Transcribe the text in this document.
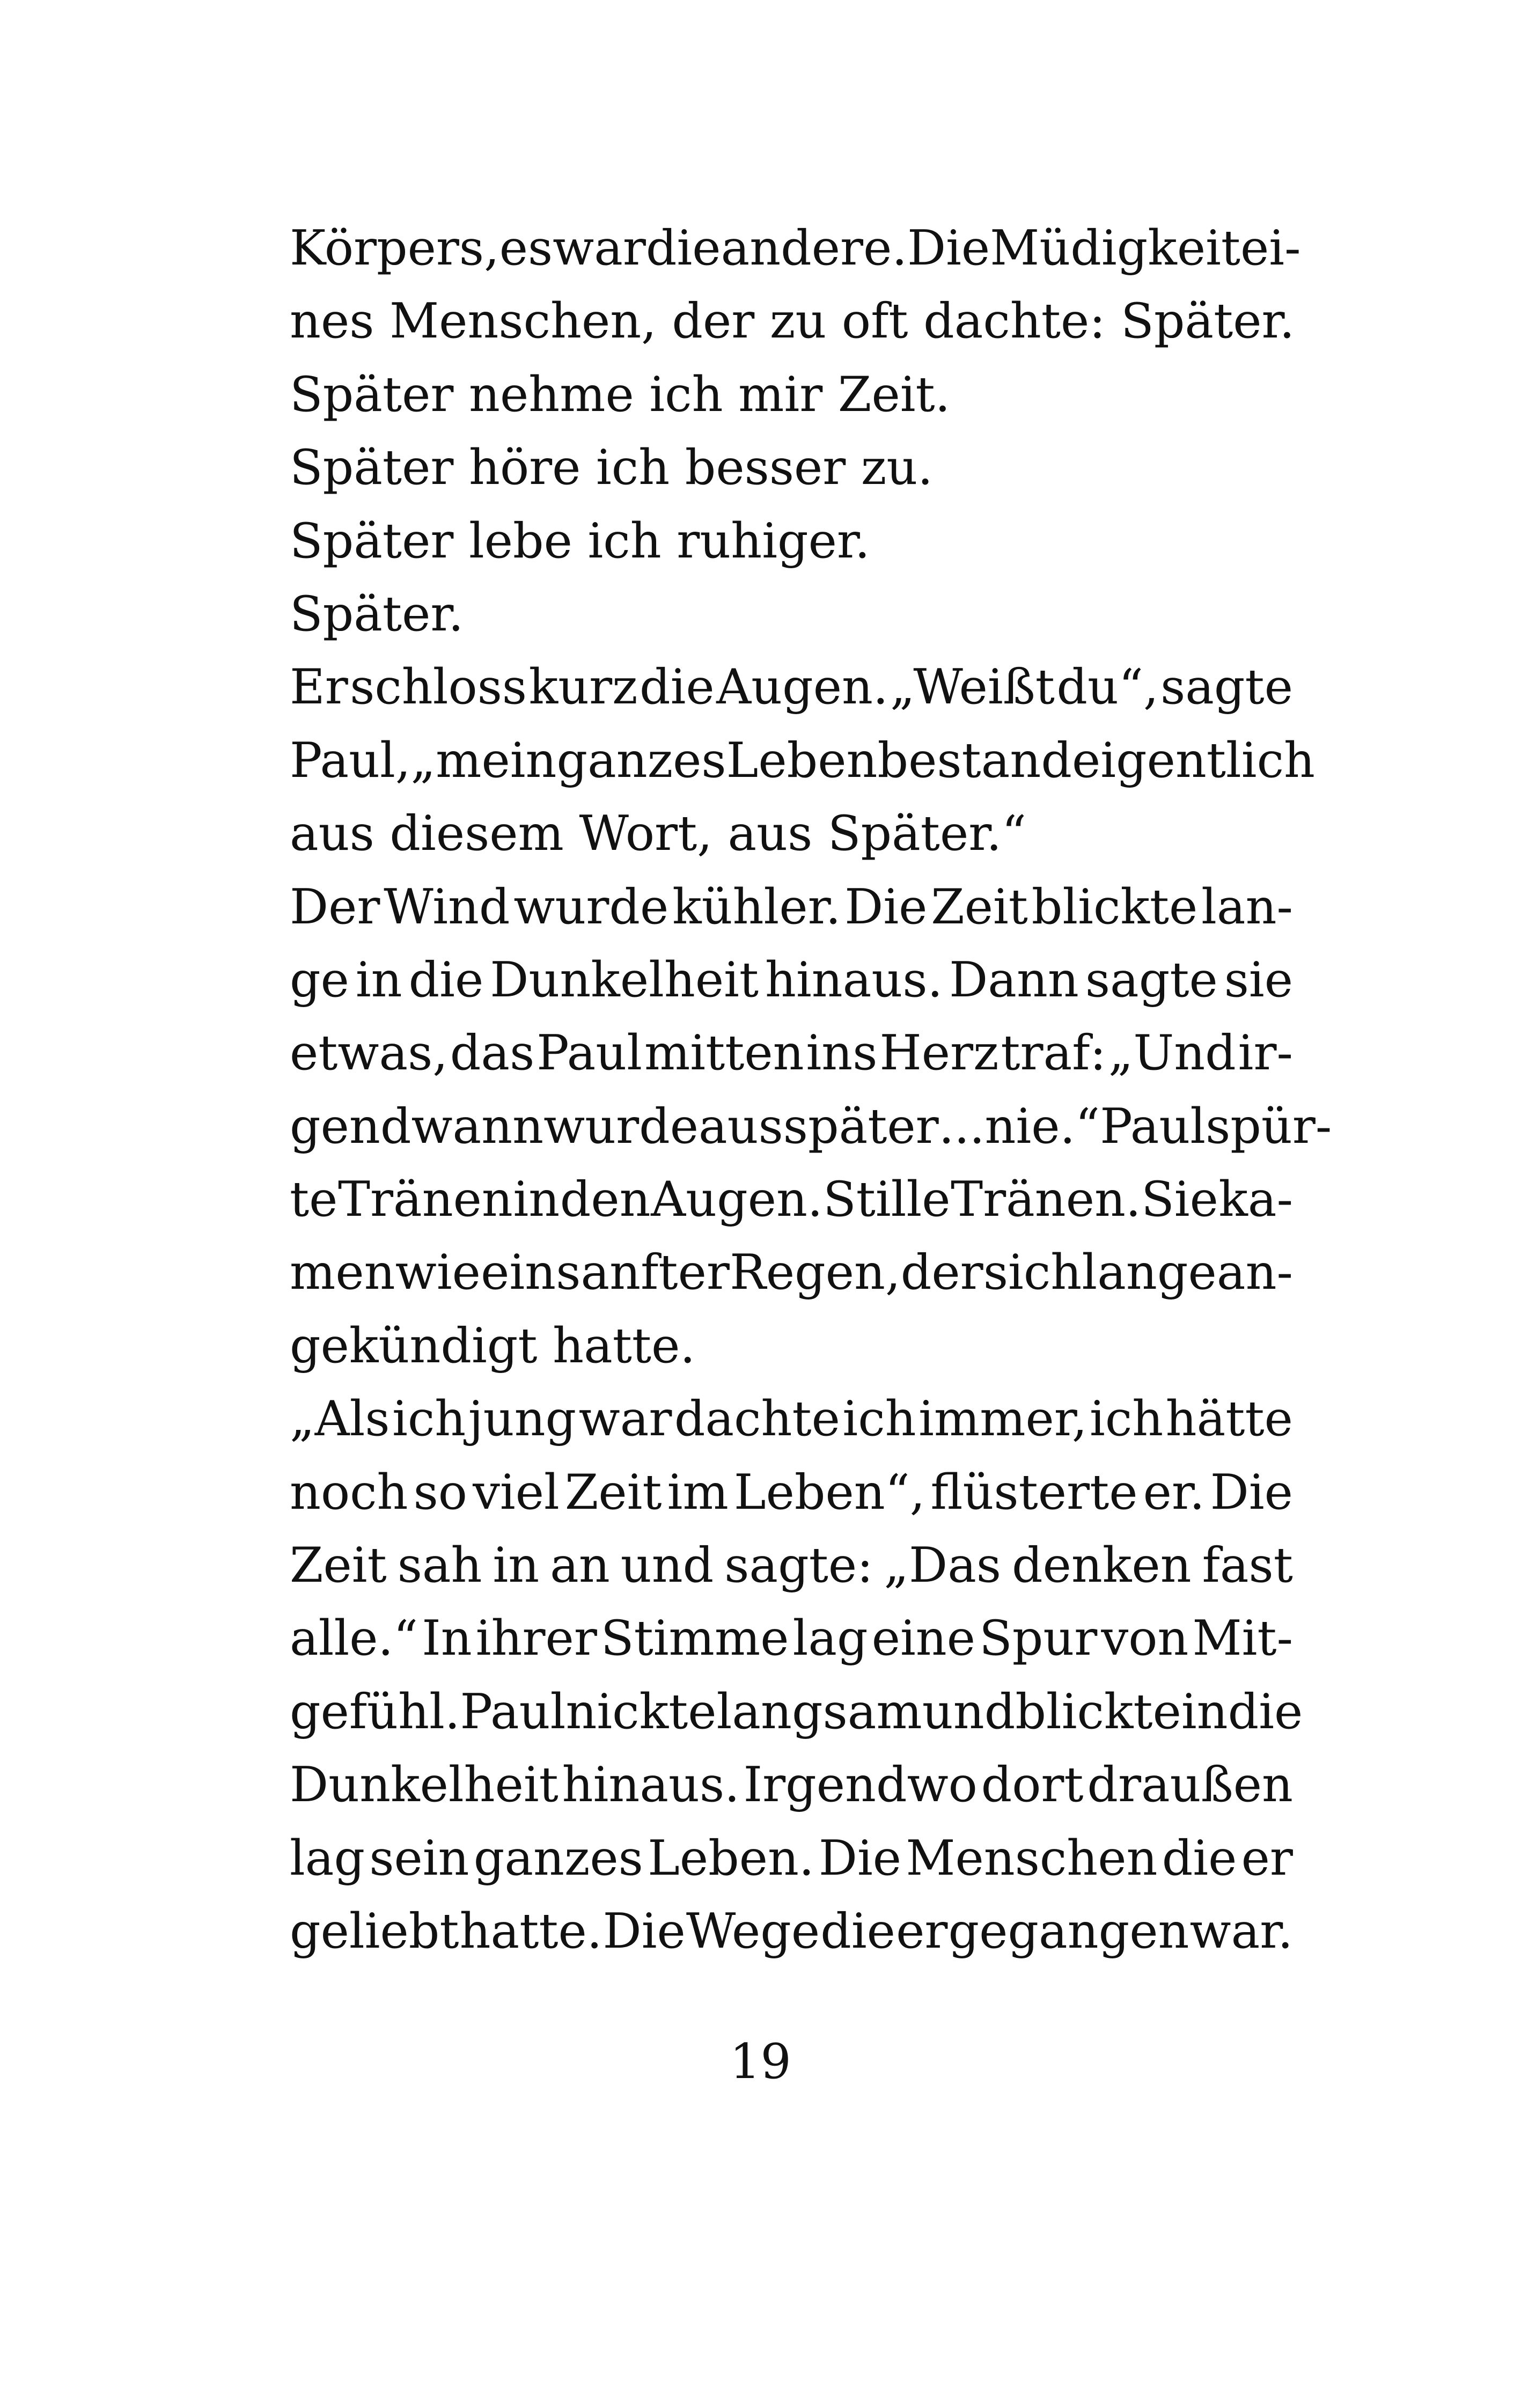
Körpers, es war die andere. Die Müdigkeit ei-
nes Menschen, der zu oft dachte: Später.
Später nehme ich mir Zeit.
Später höre ich besser zu.
Später lebe ich ruhiger.
Später.
Er schloss kurz die Augen. „Weißt du“, sagte
Paul, „mein ganzes Leben bestand eigentlich
aus diesem Wort, aus Später.“
Der Wind wurde kühler. Die Zeit blickte lan-
ge in die Dunkelheit hinaus. Dann sagte sie
etwas, das Paul mitten ins Herz traf: „Und ir-
gendwann wurde aus später ... nie.“ Paul spür-
te Tränen in den Augen. Stille Tränen. Sie ka-
men wie ein sanfter Regen, der sich lange an-
gekündigt hatte.
„Als ich jung war dachte ich immer, ich hätte
noch so viel Zeit im Leben“, flüsterte er. Die
Zeit sah in an und sagte: „Das denken fast
alle.“ In ihrer Stimme lag eine Spur von Mit-
gefühl. Paul nickte langsam und blickte in die
Dunkelheit hinaus. Irgendwo dort draußen
lag sein ganzes Leben. Die Menschen die er
geliebt hatte. Die Wege die er gegangen war.
19
